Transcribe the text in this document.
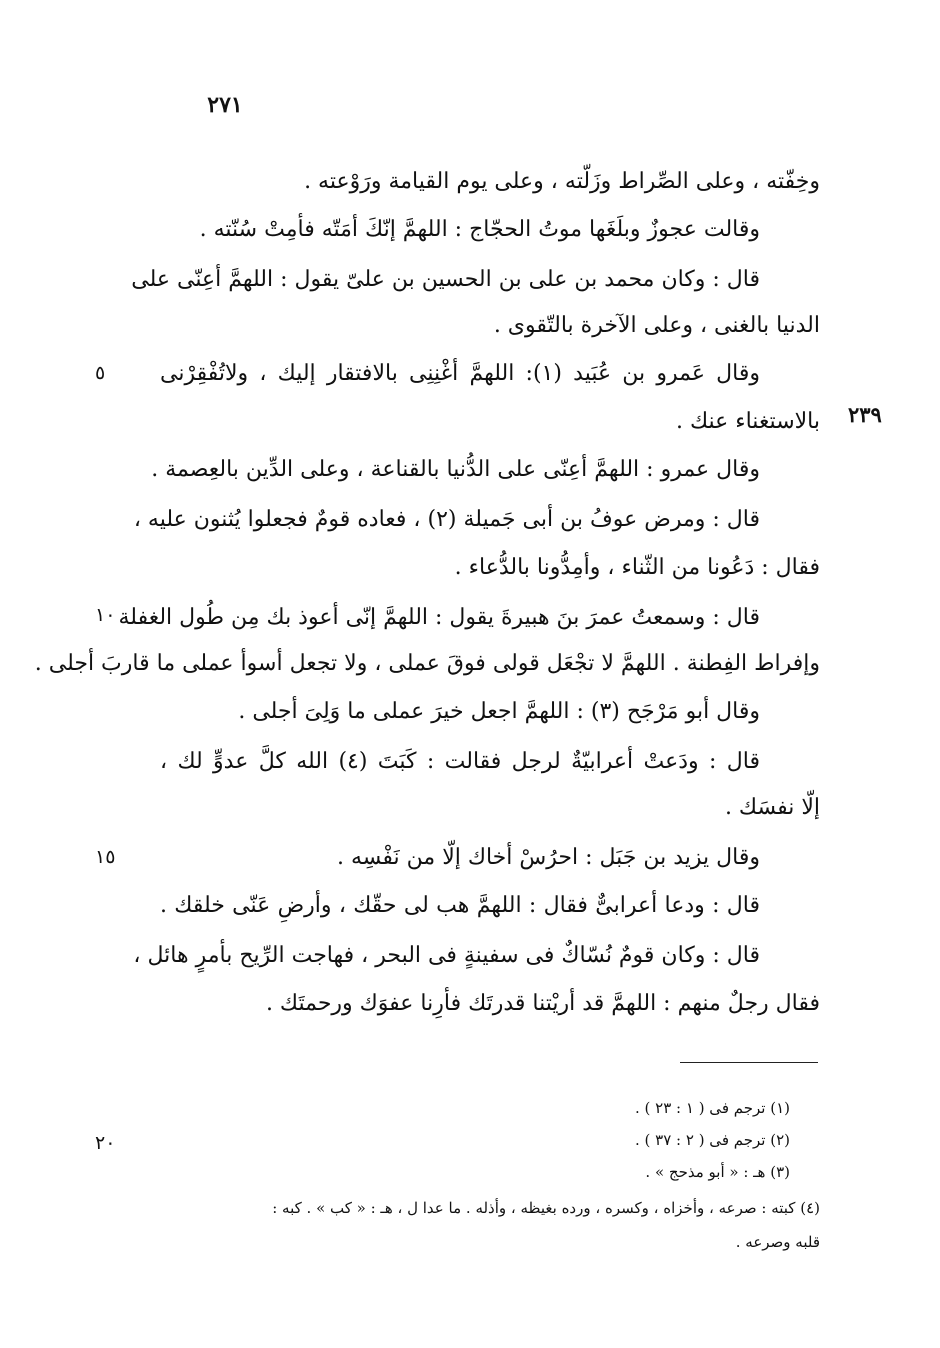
٢٧١
وخِفّته ، وعلى الصِّراط وزَلّته ، وعلى يوم القيامة ورَوْعته .
وقالت عجوزٌ وبلَغَها موتُ الحجّاج : اللهمَّ إنّكَ أمَتّه فأمِتْ سُنّته .
قال : وكان محمد بن على بن الحسين بن علىّ يقول : اللهمَّ أعِنّى على
الدنيا بالغنى ، وعلى الآخرة بالتّقوى .
وقال عَمرو بن عُبَيد (١): اللهمَّ أغْنِنِى بالافتقار إليك ، ولاتُفْقِرْنى
بالاستغناء عنك .
وقال عمرو : اللهمَّ أعِنّى على الدُّنيا بالقناعة ، وعلى الدِّين بالعِصمة .
قال : ومرض عوفُ بن أبى جَميلة (٢) ، فعاده قومٌ فجعلوا يُثنون عليه ،
فقال : دَعُونا من الثّناء ، وأمِدُّونا بالدُّعاء .
قال : وسمعتُ عمرَ بنَ هبيرةَ يقول : اللهمَّ إنّى أعوذ بك مِن طُول الغفلة
وإفراط الفِطنة . اللهمَّ لا تجْعَل قولى فوقَ عملى ، ولا تجعل أسوأ عملى ما قاربَ أجلى .
وقال أبو مَرْجَح (٣) : اللهمَّ اجعل خيرَ عملى ما وَلِىَ أجلى .
قال : ودَعتْ أعرابيّةٌ لرجل فقالت : كَبَتَ (٤) الله كلَّ عدوٍّ لك ،
إلّا نفسَك .
وقال يزيد بن جَبَل : احرُسْ أخاك إلّا من نَفْسِه .
قال : ودعا أعرابىٌّ فقال : اللهمَّ هب لى حقّك ، وأرضِ عَنّى خلقك .
قال : وكان قومٌ نُسّاكٌ فى سفينةٍ فى البحر ، فهاجت الرِّيح بأمرٍ هائل ،
فقال رجلٌ منهم : اللهمَّ قد أريْتنا قدرتَك فأرِنا عفوَك ورحمتَك .
٥
٢٣٩
١٠
١٥
٢٠
(١) ترجم فى ( ١ : ٢٣ ) .
(٢) ترجم فى ( ٢ : ٣٧ ) .
(٣) هـ : « أبو مذحج » .
(٤) كبته : صرعه ، وأخزاه ، وكسره ، ورده بغيظه ، وأذله . ما عدا ل ، هـ : « كب » . كبه :
قلبه وصرعه .
